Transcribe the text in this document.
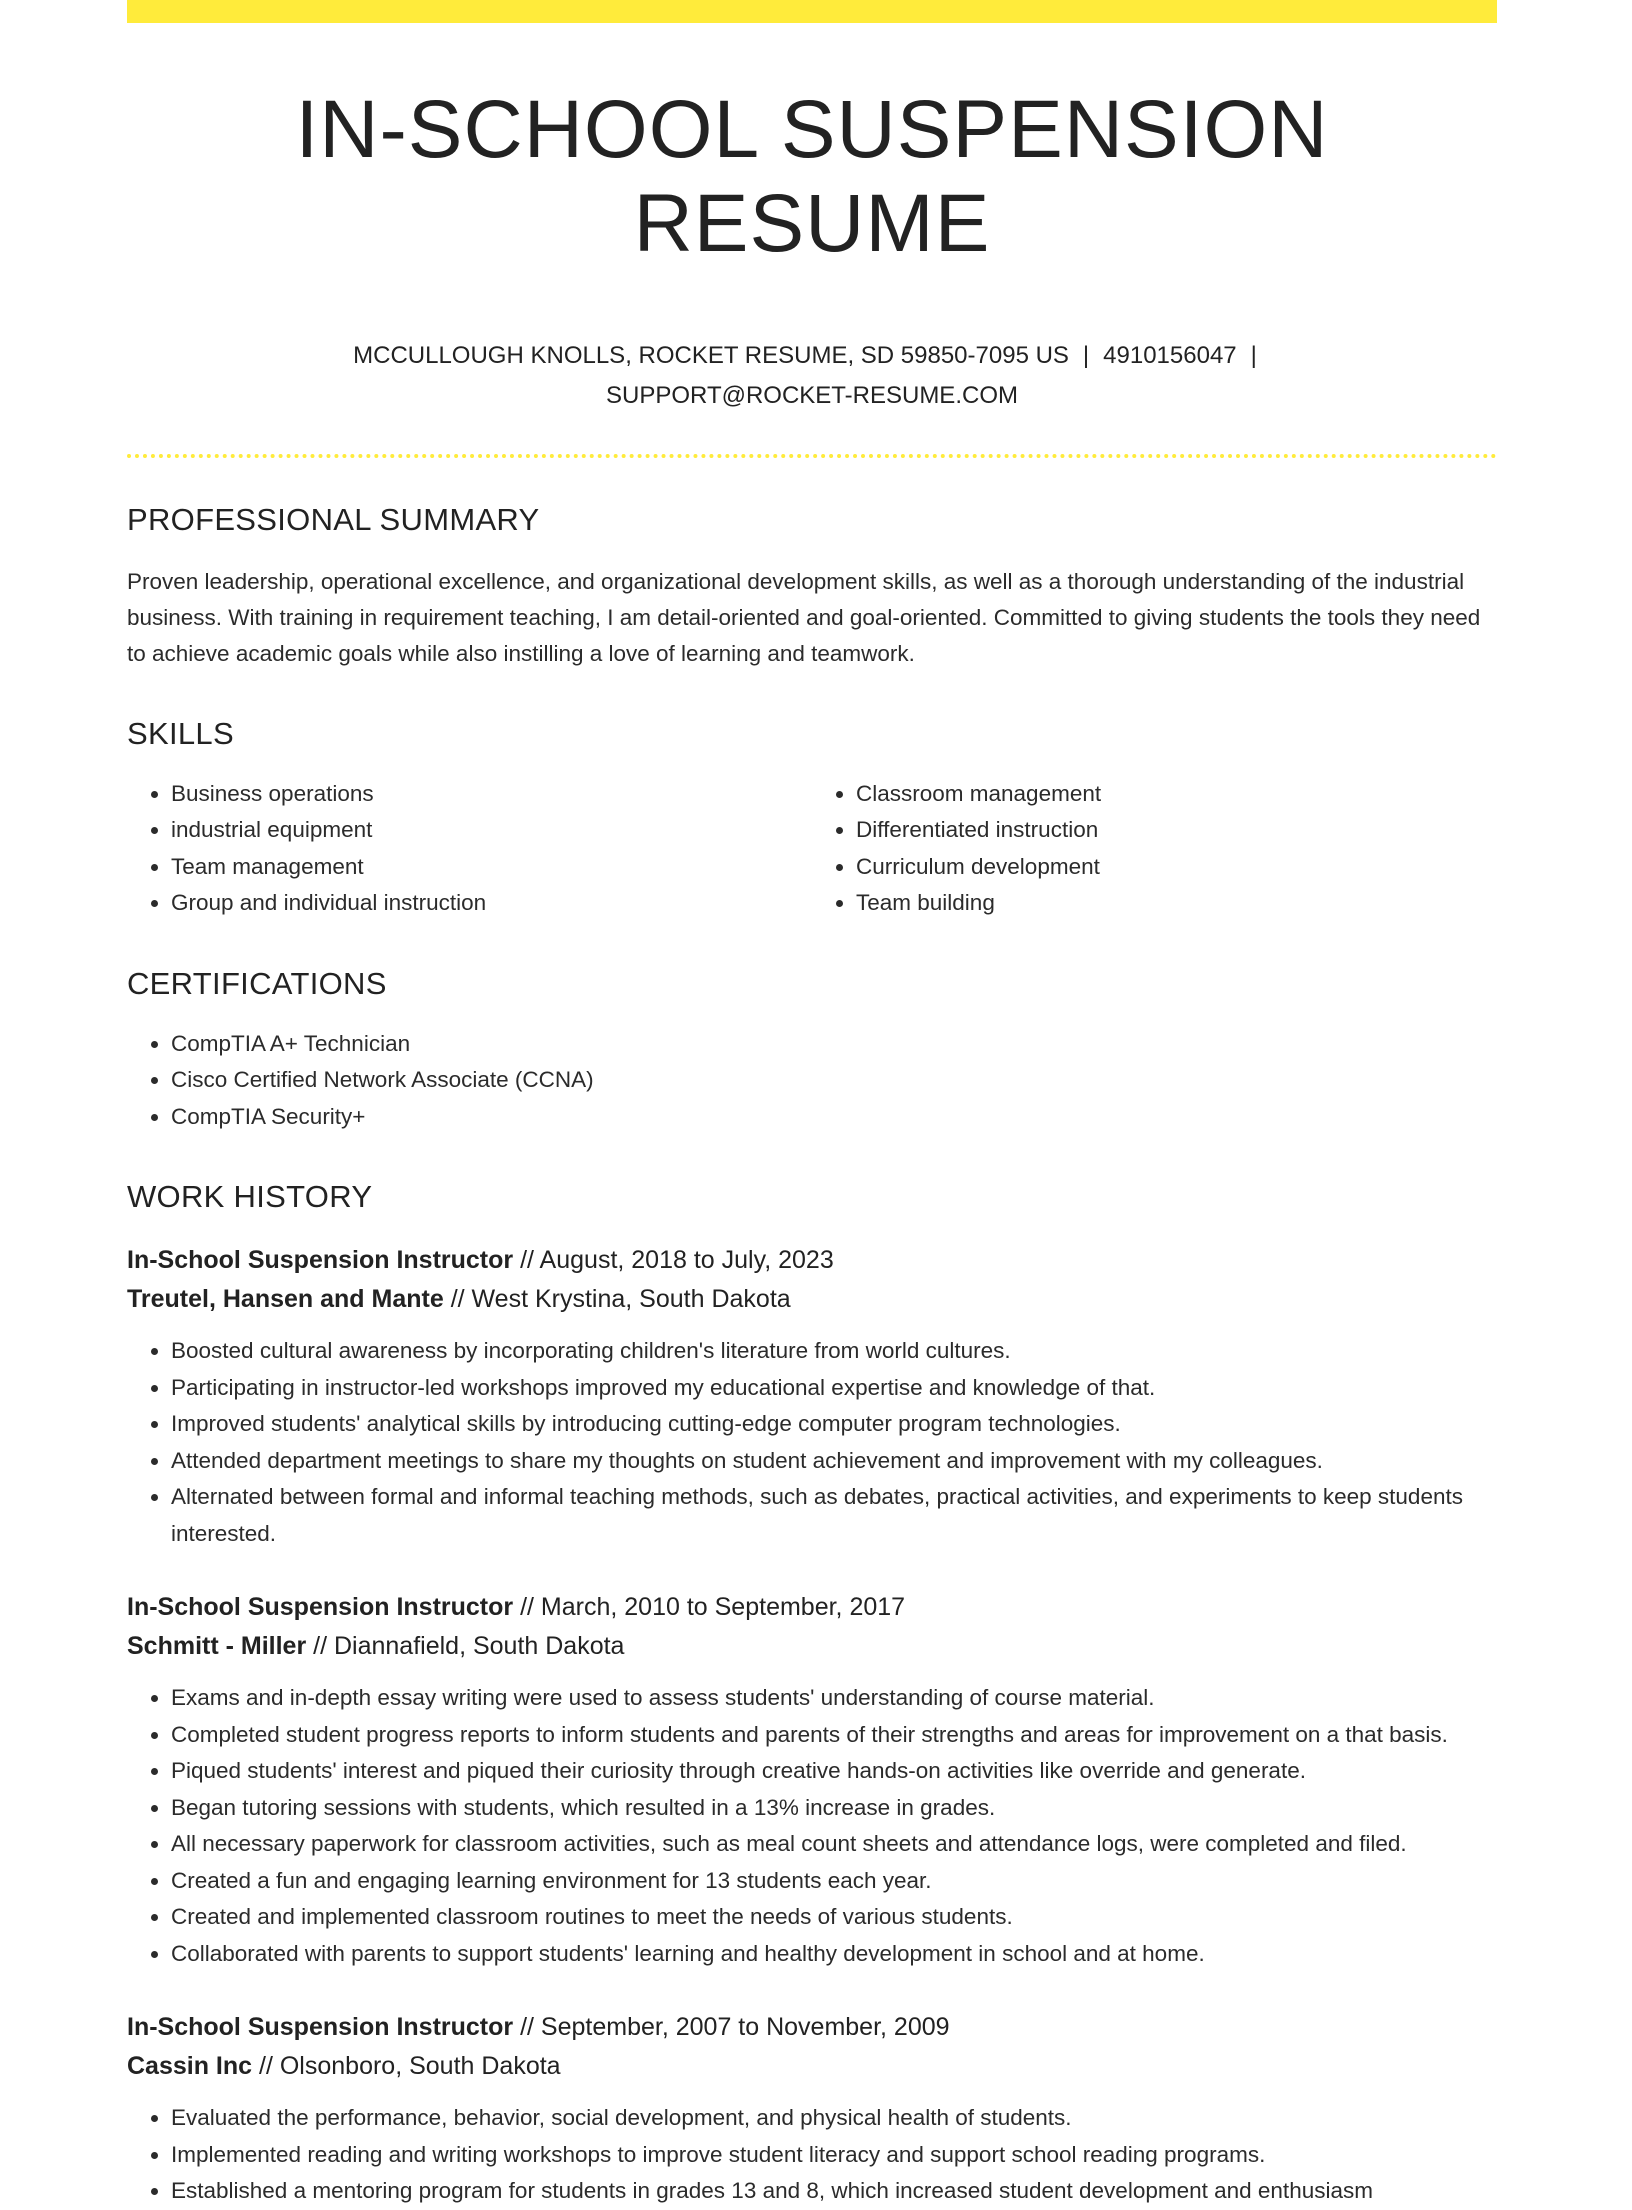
IN-SCHOOL SUSPENSION RESUME
MCCULLOUGH KNOLLS, ROCKET RESUME, SD 59850-7095 US | 4910156047 |
SUPPORT@ROCKET-RESUME.COM
PROFESSIONAL SUMMARY

Proven leadership, operational excellence, and organizational development skills, as well as a thorough understanding of the industrial business. With training in requirement teaching, I am detail-oriented and goal-oriented. Committed to giving students the tools they need to achieve academic goals while also instilling a love of learning and teamwork.

SKILLS
• Business operations
• industrial equipment
• Team management
• Group and individual instruction
• Classroom management
• Differentiated instruction
• Curriculum development
• Team building
CERTIFICATIONS
• CompTIA A+ Technician
• Cisco Certified Network Associate (CCNA)
• CompTIA Security+
WORK HISTORY
In-School Suspension Instructor // August, 2018 to July, 2023
Treutel, Hansen and Mante // West Krystina, South Dakota
• Boosted cultural awareness by incorporating children's literature from world cultures.
• Participating in instructor-led workshops improved my educational expertise and knowledge of that.
• Improved students' analytical skills by introducing cutting-edge computer program technologies.
• Attended department meetings to share my thoughts on student achievement and improvement with my colleagues.
• Alternated between formal and informal teaching methods, such as debates, practical activities, and experiments to keep students interested.
In-School Suspension Instructor // March, 2010 to September, 2017
Schmitt - Miller // Diannafield, South Dakota
• Exams and in-depth essay writing were used to assess students' understanding of course material.
• Completed student progress reports to inform students and parents of their strengths and areas for improvement on a that basis.
• Piqued students' interest and piqued their curiosity through creative hands-on activities like override and generate.
• Began tutoring sessions with students, which resulted in a 13% increase in grades.
• All necessary paperwork for classroom activities, such as meal count sheets and attendance logs, were completed and filed.
• Created a fun and engaging learning environment for 13 students each year.
• Created and implemented classroom routines to meet the needs of various students.
• Collaborated with parents to support students' learning and healthy development in school and at home.
In-School Suspension Instructor // September, 2007 to November, 2009
Cassin Inc // Olsonboro, South Dakota
• Evaluated the performance, behavior, social development, and physical health of students.
• Implemented reading and writing workshops to improve student literacy and support school reading programs.
• Established a mentoring program for students in grades 13 and 8, which increased student development and enthusiasm
